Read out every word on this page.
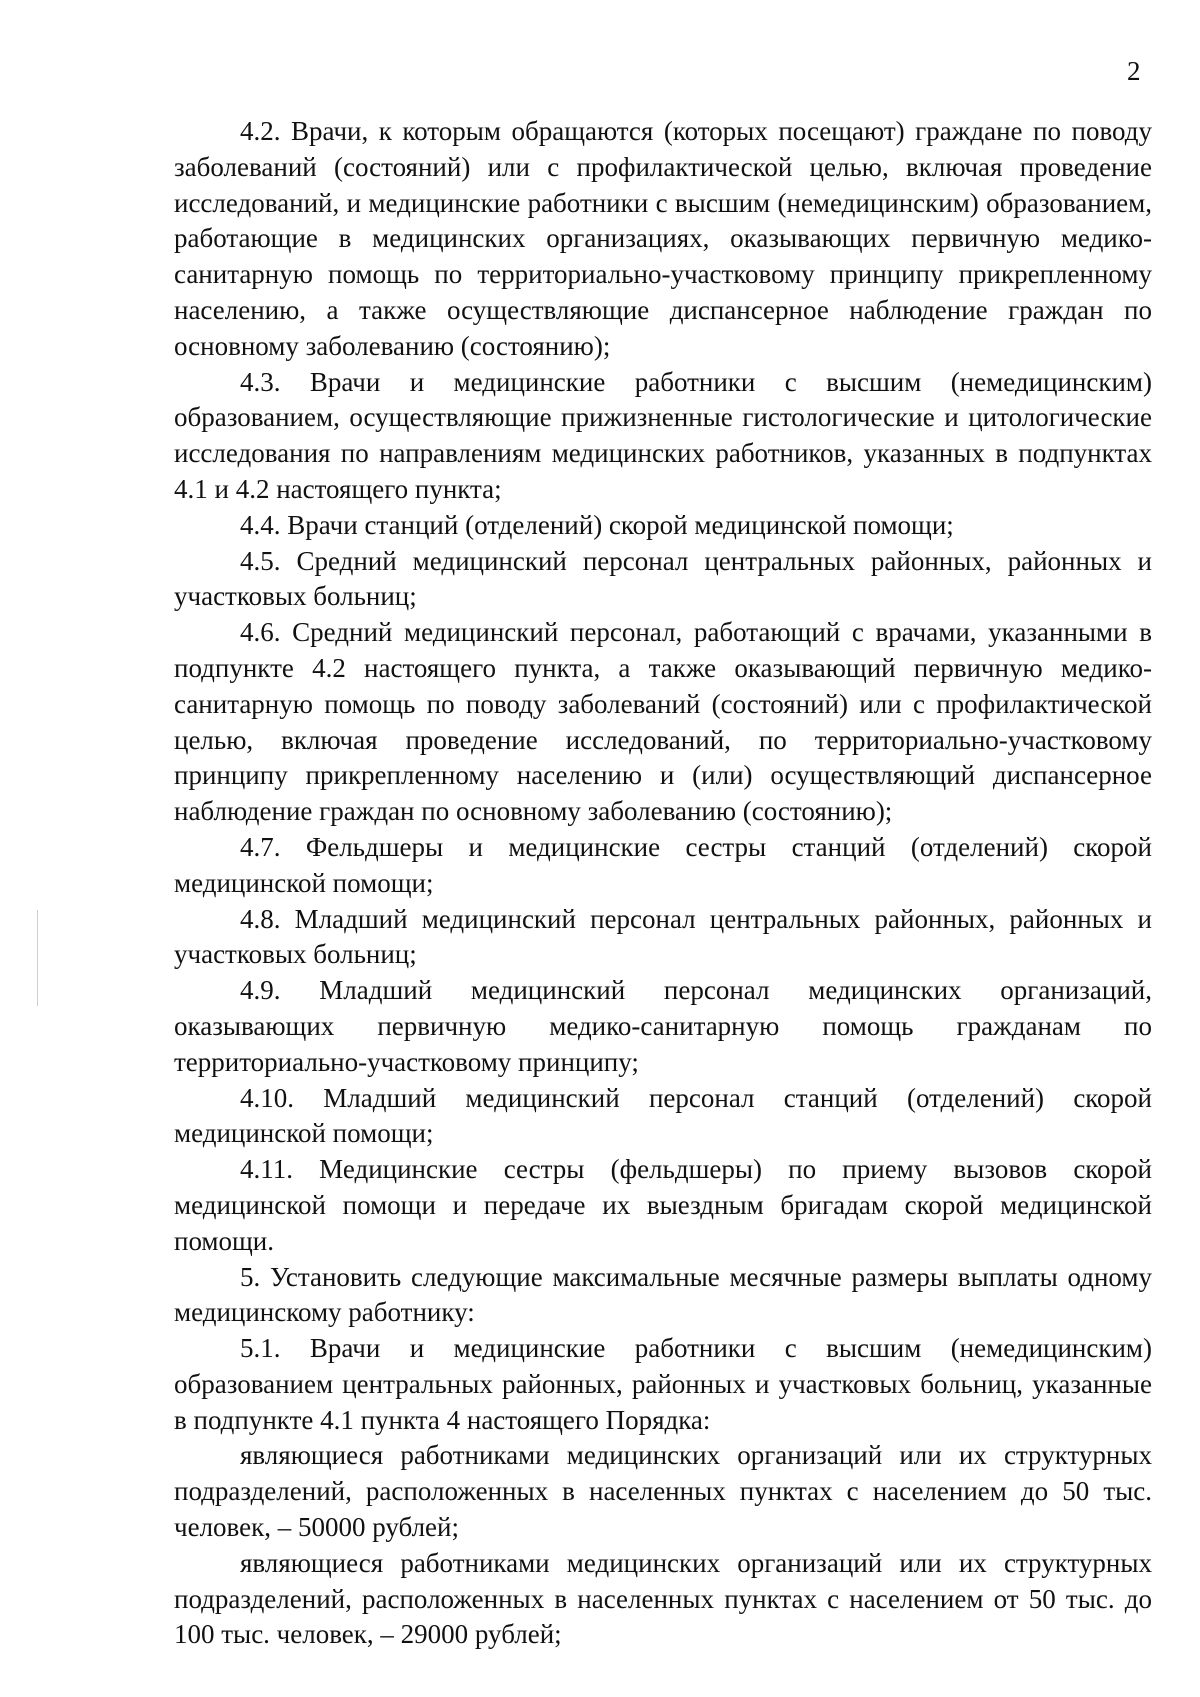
2

4.2. Врачи, к которым обращаются (которых посещают) граждане по поводу заболеваний (состояний) или с профилактической целью, включая проведение исследований, и медицинские работники с высшим (немедицинским) образованием, работающие в медицинских организациях, оказывающих первичную медико-санитарную помощь по территориально-участковому принципу прикрепленному населению, а также осуществляющие диспансерное наблюдение граждан по основному заболеванию (состоянию);

4.3. Врачи и медицинские работники с высшим (немедицинским) образованием, осуществляющие прижизненные гистологические и цитологические исследования по направлениям медицинских работников, указанных в подпунктах 4.1 и 4.2 настоящего пункта;

4.4. Врачи станций (отделений) скорой медицинской помощи;

4.5. Средний медицинский персонал центральных районных, районных и участковых больниц;

4.6. Средний медицинский персонал, работающий с врачами, указанными в подпункте 4.2 настоящего пункта, а также оказывающий первичную медико-санитарную помощь по поводу заболеваний (состояний) или с профилактической целью, включая проведение исследований, по территориально-участковому принципу прикрепленному населению и (или) осуществляющий диспансерное наблюдение граждан по основному заболеванию (состоянию);

4.7. Фельдшеры и медицинские сестры станций (отделений) скорой медицинской помощи;

4.8. Младший медицинский персонал центральных районных, районных и участковых больниц;

4.9. Младший медицинский персонал медицинских организаций, оказывающих первичную медико-санитарную помощь гражданам по территориально-участковому принципу;

4.10. Младший медицинский персонал станций (отделений) скорой медицинской помощи;

4.11. Медицинские сестры (фельдшеры) по приему вызовов скорой медицинской помощи и передаче их выездным бригадам скорой медицинской помощи.

5. Установить следующие максимальные месячные размеры выплаты одному медицинскому работнику:

5.1. Врачи и медицинские работники с высшим (немедицинским) образованием центральных районных, районных и участковых больниц, указанные в подпункте 4.1 пункта 4 настоящего Порядка:

являющиеся работниками медицинских организаций или их структурных подразделений, расположенных в населенных пунктах с населением до 50 тыс. человек, – 50000 рублей;

являющиеся работниками медицинских организаций или их структурных подразделений, расположенных в населенных пунктах с населением от 50 тыс. до 100 тыс. человек, – 29000 рублей;
